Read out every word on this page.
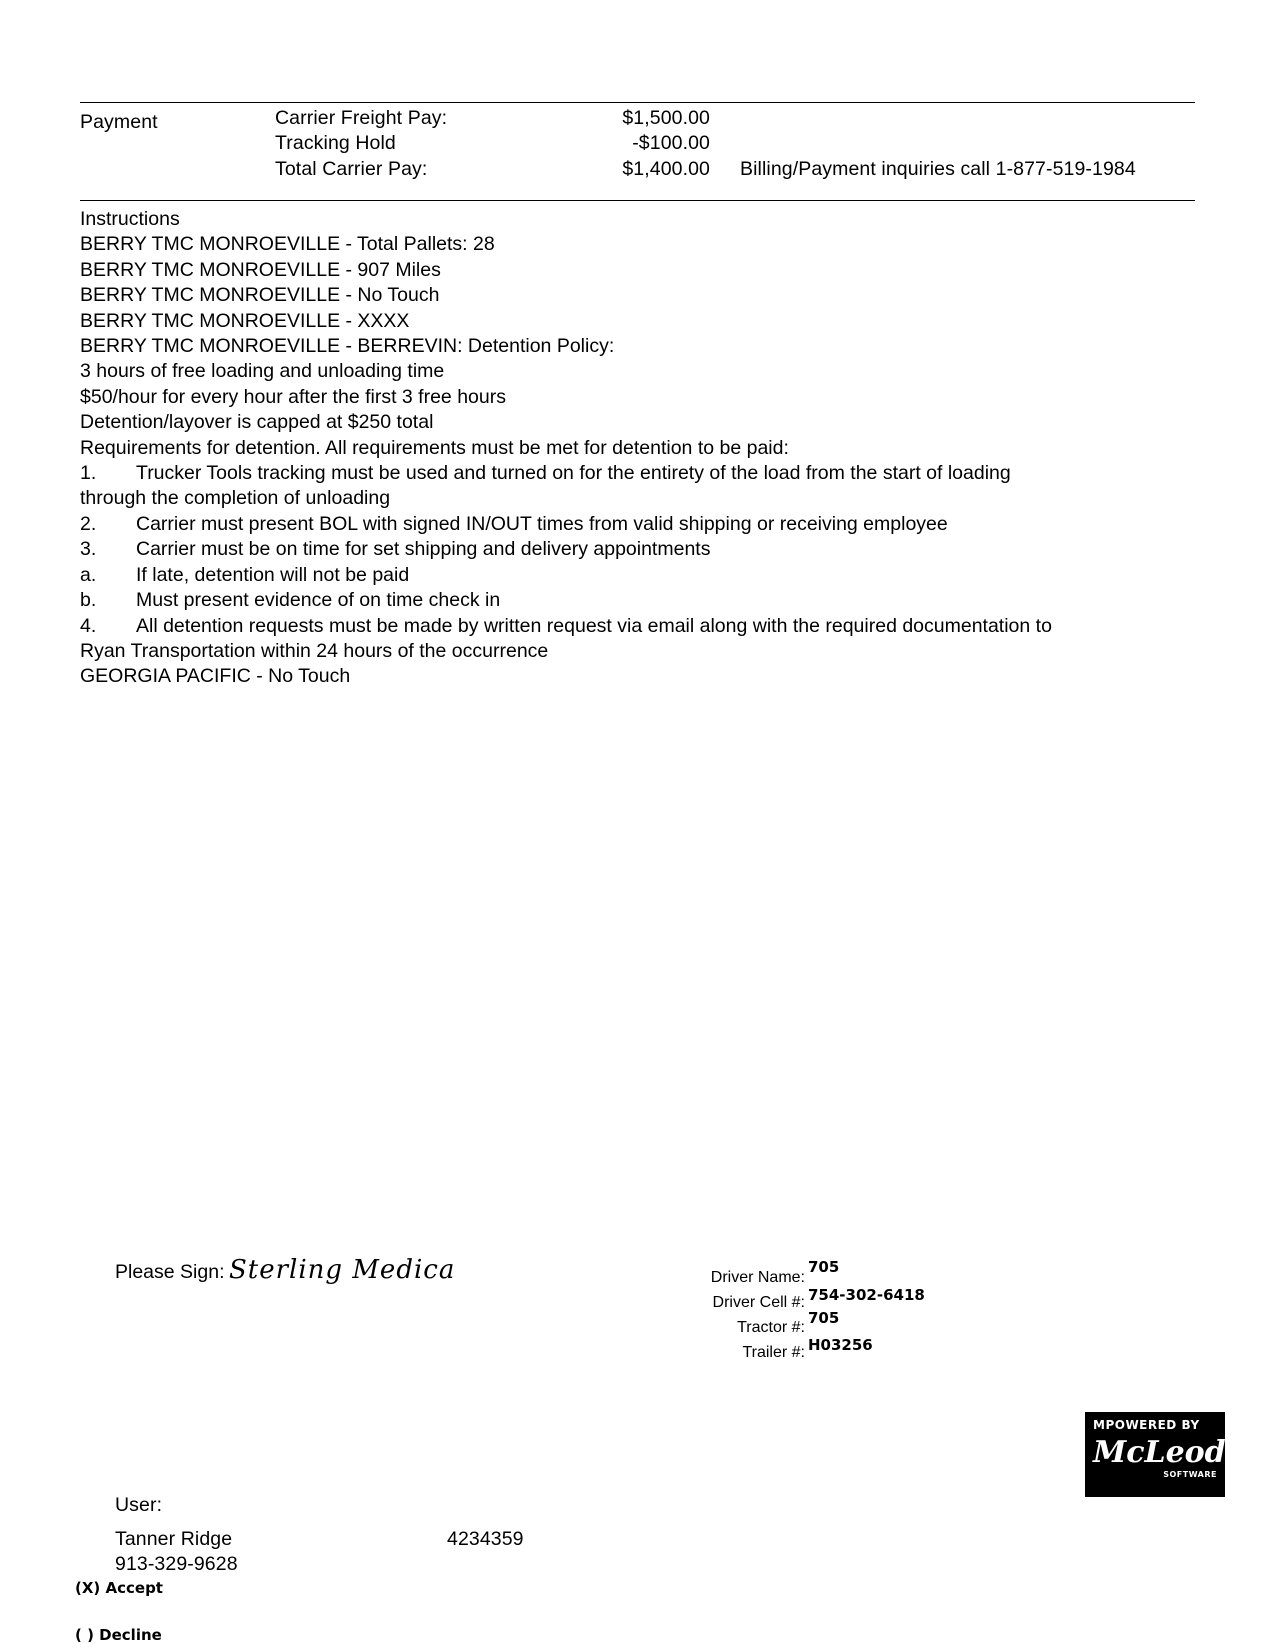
Payment	Carrier Freight Pay:	$1,500.00
Tracking Hold	-$100.00
Total Carrier Pay:	$1,400.00 Billing/Payment inquiries call 1-877-519-1984
Instructions
BERRY TMC MONROEVILLE - Total Pallets: 28
BERRY TMC MONROEVILLE - 907 Miles
BERRY TMC MONROEVILLE - No Touch
BERRY TMC MONROEVILLE - XXXX
BERRY TMC MONROEVILLE - BERREVIN: Detention Policy:
3 hours of free loading and unloading time
$50/hour for every hour after the first 3 free hours
Detention/layover is capped at $250 total
Requirements for detention. All requirements must be met for detention to be paid:
1. Trucker Tools tracking must be used and turned on for the entirety of the load from the start of loading
through the completion of unloading
2. Carrier must present BOL with signed IN/OUT times from valid shipping or receiving employee
3. Carrier must be on time for set shipping and delivery appointments
a. If late, detention will not be paid
b. Must present evidence of on time check in
4. All detention requests must be made by written request via email along with the required documentation to
Ryan Transportation within 24 hours of the occurrence
GEORGIA PACIFIC - No Touch
Please Sign: Sterling Medica	Driver Name:
705
Driver Cell #: 754-302-6418
Tractor #:
705
Trailer #: H03256
MPOWERED BY
McLeod
SOFTWARE
User:
Tanner Ridge	4234359
913-329-9628
(X) Accept
( ) Decline
